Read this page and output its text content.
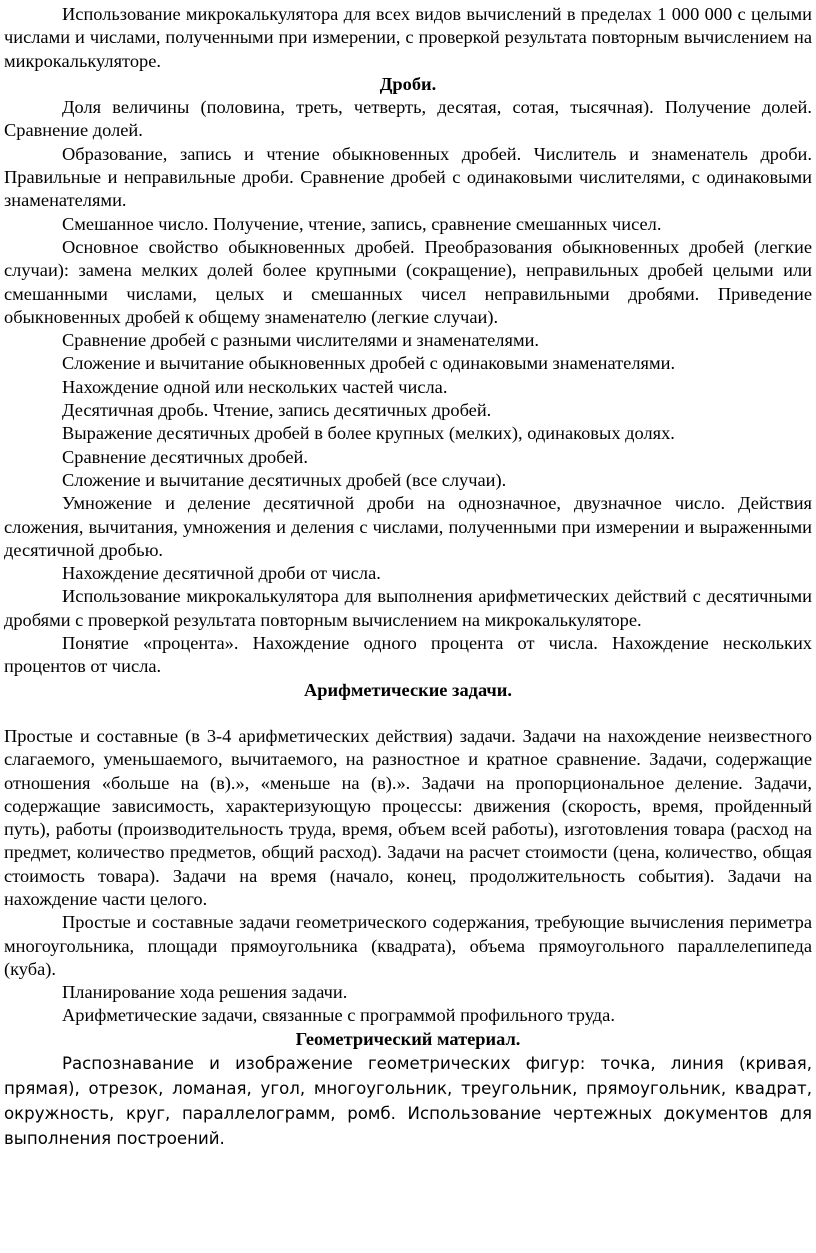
Использование микрокалькулятора для всех видов вычислений в пределах 1 000 000 с целыми числами и числами, полученными при измерении, с проверкой результата повторным вычислением на микрокалькуляторе.

Дроби.

Доля величины (половина, треть, четверть, десятая, сотая, тысячная). Получение долей. Сравнение долей.

Образование, запись и чтение обыкновенных дробей. Числитель и знаменатель дроби. Правильные и неправильные дроби. Сравнение дробей с одинаковыми числителями, с одинаковыми знаменателями.

Смешанное число. Получение, чтение, запись, сравнение смешанных чисел.

Основное свойство обыкновенных дробей. Преобразования обыкновенных дробей (легкие случаи): замена мелких долей более крупными (сокращение), неправильных дробей целыми или смешанными числами, целых и смешанных чисел неправильными дробями. Приведение обыкновенных дробей к общему знаменателю (легкие случаи).

Сравнение дробей с разными числителями и знаменателями.

Сложение и вычитание обыкновенных дробей с одинаковыми знаменателями.

Нахождение одной или нескольких частей числа.

Десятичная дробь. Чтение, запись десятичных дробей.

Выражение десятичных дробей в более крупных (мелких), одинаковых долях.

Сравнение десятичных дробей.

Сложение и вычитание десятичных дробей (все случаи).

Умножение и деление десятичной дроби на однозначное, двузначное число. Действия сложения, вычитания, умножения и деления с числами, полученными при измерении и выраженными десятичной дробью.

Нахождение десятичной дроби от числа.

Использование микрокалькулятора для выполнения арифметических действий с десятичными дробями с проверкой результата повторным вычислением на микрокалькуляторе.

Понятие «процента». Нахождение одного процента от числа. Нахождение нескольких процентов от числа.

Арифметические задачи.

Простые и составные (в 3-4 арифметических действия) задачи. Задачи на нахождение неизвестного слагаемого, уменьшаемого, вычитаемого, на разностное и кратное сравнение. Задачи, содержащие отношения «больше на (в).», «меньше на (в).». Задачи на пропорциональное деление. Задачи, содержащие зависимость, характеризующую процессы: движения (скорость, время, пройденный путь), работы (производительность труда, время, объем всей работы), изготовления товара (расход на предмет, количество предметов, общий расход). Задачи на расчет стоимости (цена, количество, общая стоимость товара). Задачи на время (начало, конец, продолжительность события). Задачи на нахождение части целого.

Простые и составные задачи геометрического содержания, требующие вычисления периметра многоугольника, площади прямоугольника (квадрата), объема прямоугольного параллелепипеда (куба).

Планирование хода решения задачи.

Арифметические задачи, связанные с программой профильного труда.

Геометрический материал.

Распознавание и изображение геометрических фигур: точка, линия (кривая, прямая), отрезок, ломаная, угол, многоугольник, треугольник, прямоугольник, квадрат, окружность, круг, параллелограмм, ромб. Использование чертежных документов для выполнения построений.
